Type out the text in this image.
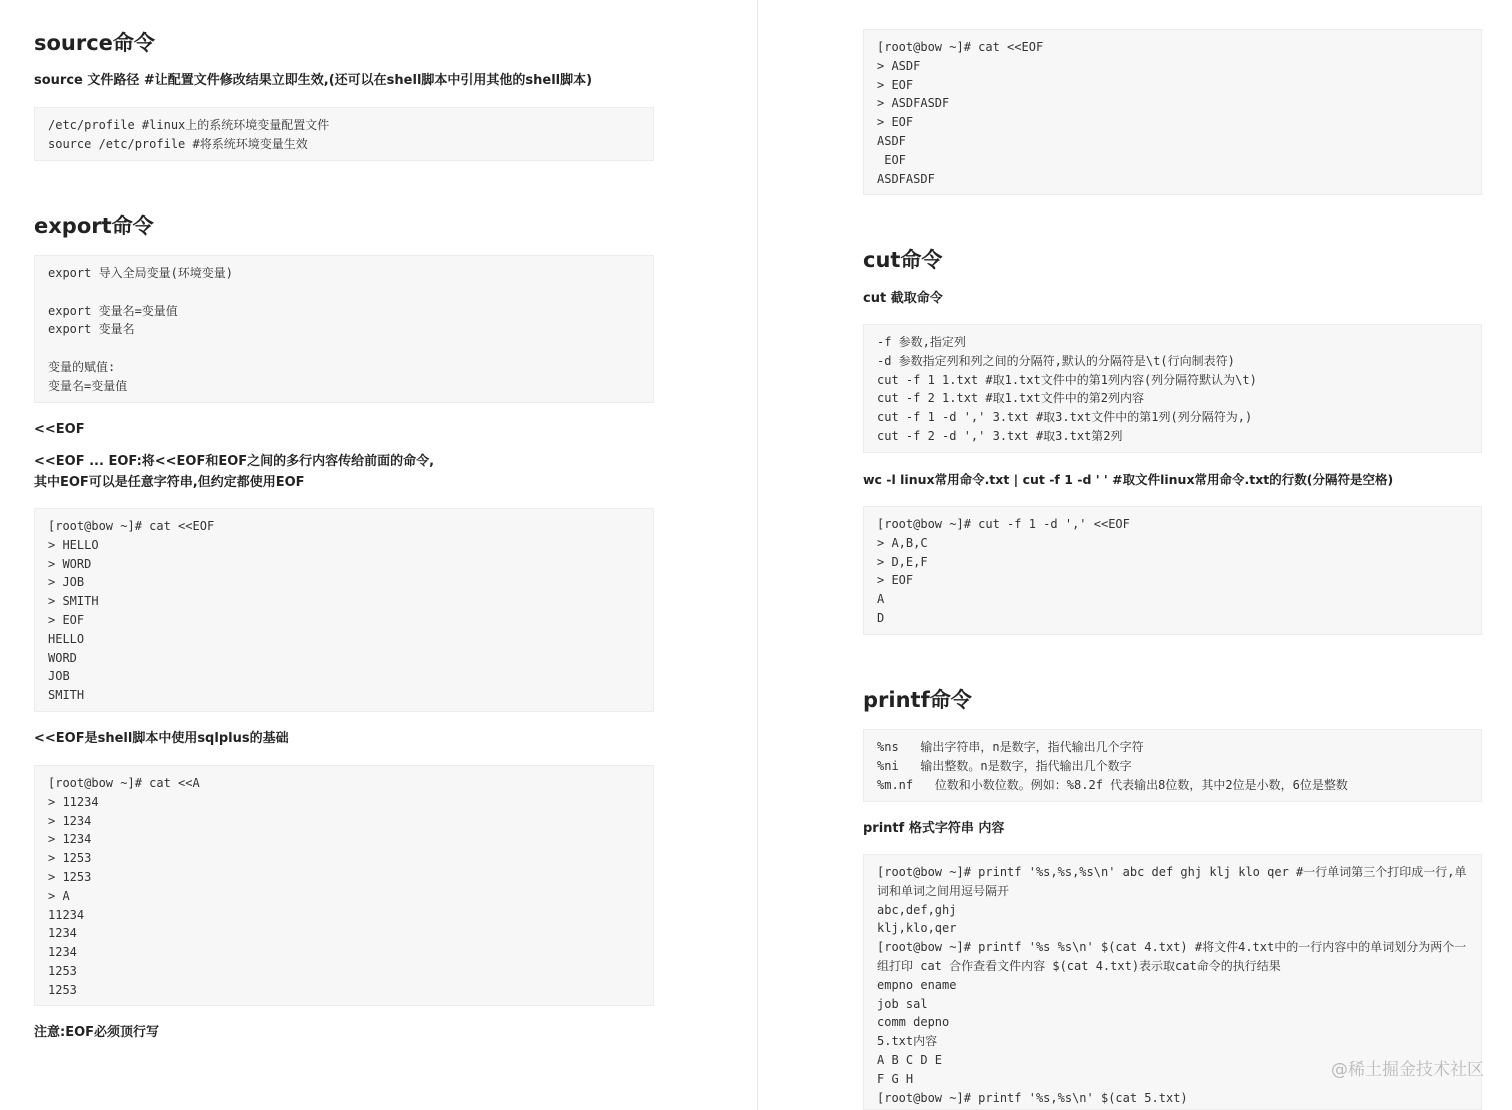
source命令
source 文件路径 #让配置文件修改结果立即生效,(还可以在shell脚本中引用其他的shell脚本)
/etc/profile #linux上的系统环境变量配置文件
source /etc/profile #将系统环境变量生效
export命令
export 导入全局变量(环境变量)
export 变量名=变量值
export 变量名
变量的赋值:
变量名=变量值
<<EOF
<<EOF ... EOF:将<<EOF和EOF之间的多行内容传给前面的命令,
其中EOF可以是任意字符串,但约定都使用EOF
[root@bow ~]# cat <<EOF
> HELLO
> WORD
> JOB
> SMITH
> EOF
HELLO
WORD
JOB
SMITH
<<EOF是shell脚本中使用sqlplus的基础
[root@bow ~]# cat <<A
> 11234
> 1234
> 1234
> 1253
> 1253
> A
11234
1234
1234
1253
1253
注意:EOF必须顶行写
[root@bow ~]# cat <<EOF
> ASDF
> EOF
> ASDFASDF
> EOF
ASDF
EOF
ASDFASDF
cut命令
cut 截取命令
-f 参数,指定列
-d 参数指定列和列之间的分隔符,默认的分隔符是\t(行向制表符)
cut -f 1 1.txt #取1.txt文件中的第1列内容(列分隔符默认为\t)
cut -f 2 1.txt #取1.txt文件中的第2列内容
cut -f 1 -d ',' 3.txt #取3.txt文件中的第1列(列分隔符为,)
cut -f 2 -d ',' 3.txt #取3.txt第2列
wc -l linux常用命令.txt | cut -f 1 -d ' ' #取文件linux常用命令.txt的行数(分隔符是空格)
[root@bow ~]# cut -f 1 -d ',' <<EOF
> A,B,C
> D,E,F
> EOF
A
D
printf命令
%ns   输出字符串，n是数字，指代输出几个字符
%ni   输出整数。n是数字，指代输出几个数字
%m.nf   位数和小数位数。例如：%8.2f 代表输出8位数，其中2位是小数，6位是整数
printf 格式字符串 内容
[root@bow ~]# printf '%s,%s,%s\n' abc def ghj klj klo qer #一行单词第三个打印成一行,单词和单词之间用逗号隔开
abc,def,ghj
klj,klo,qer
[root@bow ~]# printf '%s %s\n' $(cat 4.txt) #将文件4.txt中的一行内容中的单词划分为两个一组打印 cat 合作查看文件内容 $(cat 4.txt)表示取cat命令的执行结果
empno ename
job sal
comm depno
5.txt内容
A B C D E
F G H
[root@bow ~]# printf '%s,%s\n' $(cat 5.txt)
@稀土掘金技术社区
